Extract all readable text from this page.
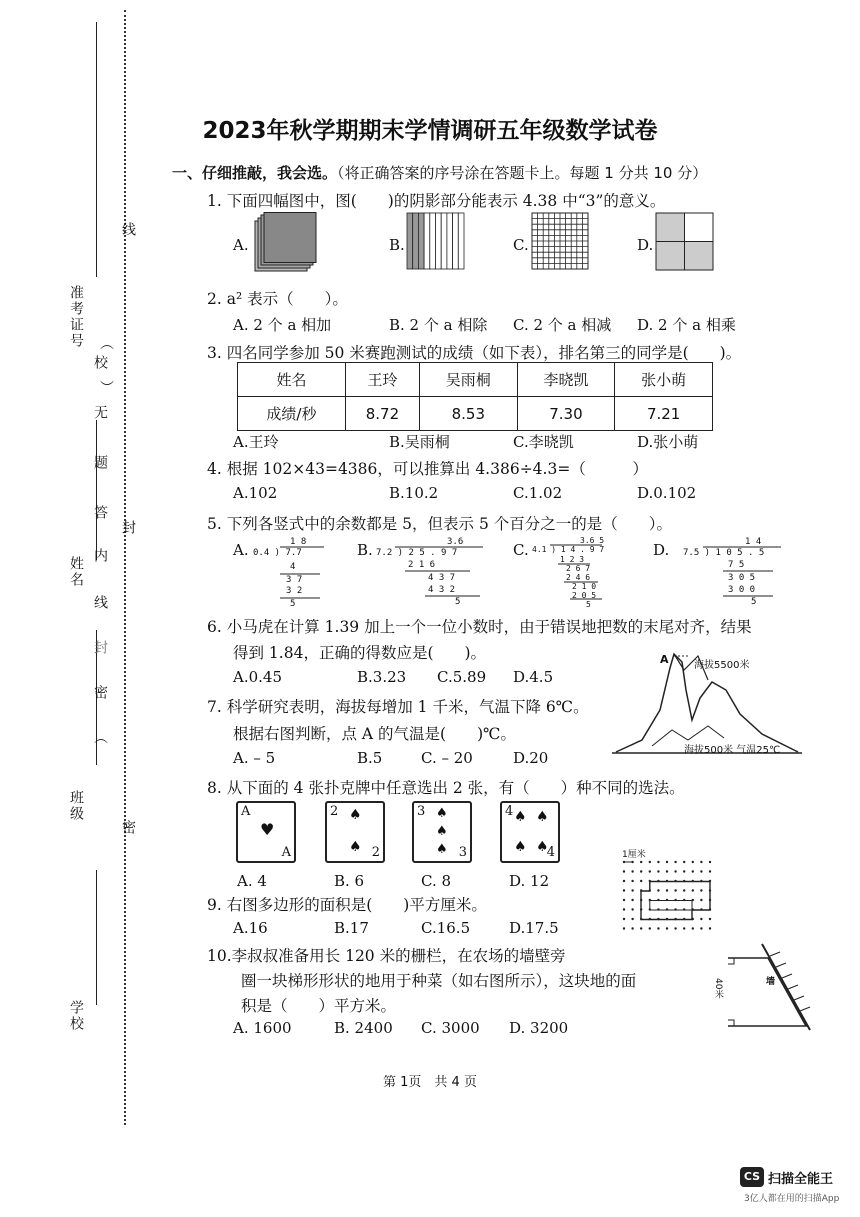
准考证号
姓名
班级
学校
线
（
）
校
无
题
答
内
封
线
密
封
（
密
2023年秋学期期末学情调研五年级数学试卷
一、仔细推敲，我会选。（将正确答案的序号涂在答题卡上。每题 1 分共 10 分）
1. 下面四幅图中，图(　　)的阴影部分能表示 4.38 中“3”的意义。
A.	B.	C.	D.
2. a² 表示（　　）。
A. 2 个 a 相加	B. 2 个 a 相除 C. 2 个 a 相减 D. 2 个 a 相乘
3. 四名同学参加 50 米赛跑测试的成绩（如下表），排名第三的同学是(　　)。
姓名	王玲	吴雨桐	李晓凯	张小萌
成绩/秒	8.72	8.53	7.30	7.21
A.王玲	B.吴雨桐	C.李晓凯	D.张小萌
4. 根据 102×43=4386，可以推算出 4.386÷4.3=（　　　）
A.102	B.10.2	C.1.02	D.0.102
5. 下列各竖式中的余数都是 5，但表示 5 个百分之一的是（　　）。
A.	B.	C.	D.
1 8
0.4 ) 7.7
4
3 7
3 2
5
3.6
7.2 ) 2 5 . 9 7
2 1 6
4 3 7
4 3 2
5
3.6 5
4.1 ) 1 4 . 9 7
1 2 3
2 6 7
2 4 6
2 1 0
2 0 5
5
1 4
7.5 ) 1 0 5 . 5
7 5
3 0 5
3 0 0
5
6. 小马虎在计算 1.39 加上一个一位小数时，由于错误地把数的末尾对齐，结果
得到 1.84，正确的得数应是(　　)。
A.0.45	B.3.23 C.5.89 D.4.5
A	海拔5500米
海拔500米 气温25℃
7. 科学研究表明，海拔每增加 1 千米，气温下降 6℃。
根据右图判断，点 A 的气温是(　　)℃。
A. – 5	B.5	C. – 20	D.20
8. 从下面的 4 张扑克牌中任意选出 2 张，有（　　）种不同的选法。
A
♥
A
2 ♠
♠ 2
3 ♠
♠
♠ 3
4 ♠ ♠
♠ ♠
4
A. 4	B. 6	C. 8	D. 12
1厘米
9. 右图多边形的面积是(　　)平方厘米。
A.16	B.17	C.16.5	D.17.5
10.李叔叔准备用长 120 米的栅栏，在农场的墙壁旁
圈一块梯形形状的地用于种菜（如右图所示），这块地的面
积是（　　）平方米。
A. 1600	B. 2400 C. 3000 D. 3200
40米	墙
第 1页　共 4 页
CS 扫描全能王
3亿人都在用的扫描App
